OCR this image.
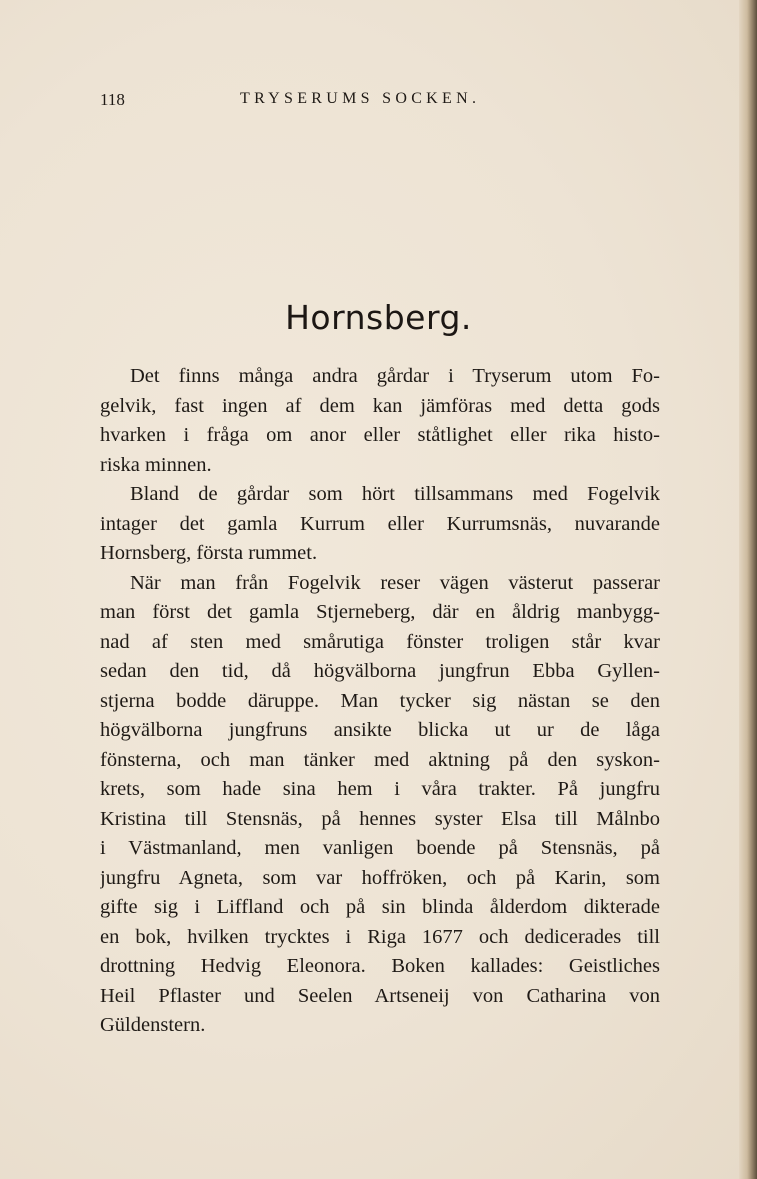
118	TRYSERUMS SOCKEN.
Hornsberg.
Det finns många andra gårdar i Tryserum utom Fo-
gelvik, fast ingen af dem kan jämföras med detta gods
hvarken i fråga om anor eller ståtlighet eller rika histo-
riska minnen.
Bland de gårdar som hört tillsammans med Fogelvik
intager det gamla Kurrum eller Kurrumsnäs, nuvarande
Hornsberg, första rummet.
När man från Fogelvik reser vägen västerut passerar
man först det gamla Stjerneberg, där en åldrig manbygg-
nad af sten med smårutiga fönster troligen står kvar
sedan den tid, då högvälborna jungfrun Ebba Gyllen-
stjerna bodde däruppe. Man tycker sig nästan se den
högvälborna jungfruns ansikte blicka ut ur de låga
fönsterna, och man tänker med aktning på den syskon-
krets, som hade sina hem i våra trakter. På jungfru
Kristina till Stensnäs, på hennes syster Elsa till Målnbo
i Västmanland, men vanligen boende på Stensnäs, på
jungfru Agneta, som var hoffröken, och på Karin, som
gifte sig i Liffland och på sin blinda ålderdom dikterade
en bok, hvilken trycktes i Riga 1677 och dedicerades till
drottning Hedvig Eleonora. Boken kallades: Geistliches
Heil Pflaster und Seelen Artseneij von Catharina von
Güldenstern.
